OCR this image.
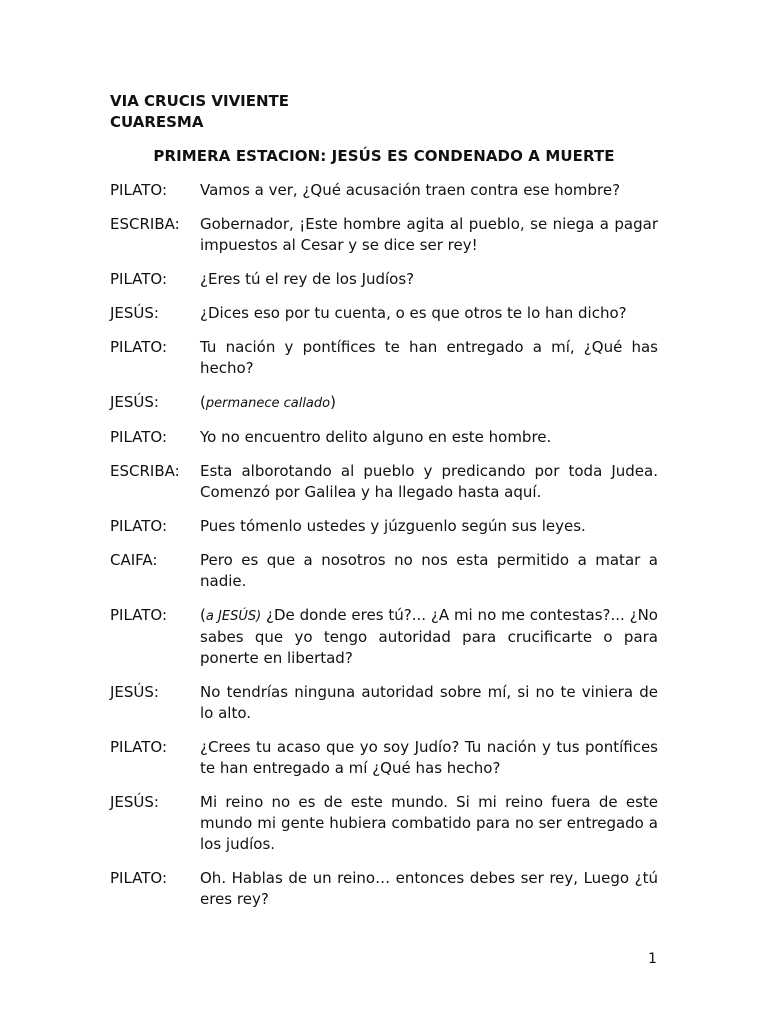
VIA CRUCIS VIVIENTE
CUARESMA
PRIMERA ESTACION: JESÚS ES CONDENADO A MUERTE
PILATO:	Vamos a ver, ¿Qué acusación traen contra ese hombre?
ESCRIBA:	Gobernador, ¡Este hombre agita al pueblo, se niega a pagar impuestos al Cesar y se dice ser rey!
PILATO:	¿Eres tú el rey de los Judíos?
JESÚS:	¿Dices eso por tu cuenta, o es que otros te lo han dicho?
PILATO:	Tu nación y pontífices te han entregado a mí, ¿Qué has hecho?
JESÚS:	(permanece callado)
PILATO:	Yo no encuentro delito alguno en este hombre.
ESCRIBA:	Esta alborotando al pueblo y predicando por toda Judea. Comenzó por Galilea y ha llegado hasta aquí.
PILATO:	Pues tómenlo ustedes y júzguenlo según sus leyes.
CAIFA:	Pero es que a nosotros no nos esta permitido a matar a nadie.
PILATO:	(a JESÚS) ¿De donde eres tú?... ¿A mi no me contestas?... ¿No sabes que yo tengo autoridad para crucificarte o para ponerte en libertad?
JESÚS:	No tendrías ninguna autoridad sobre mí, si no te viniera de lo alto.
PILATO:	¿Crees tu acaso que yo soy Judío? Tu nación y tus pontífices te han entregado a mí ¿Qué has hecho?
JESÚS:	Mi reino no es de este mundo. Si mi reino fuera de este mundo mi gente hubiera combatido para no ser entregado a los judíos.
PILATO:	Oh. Hablas de un reino… entonces debes ser rey, Luego ¿tú eres rey?
1
